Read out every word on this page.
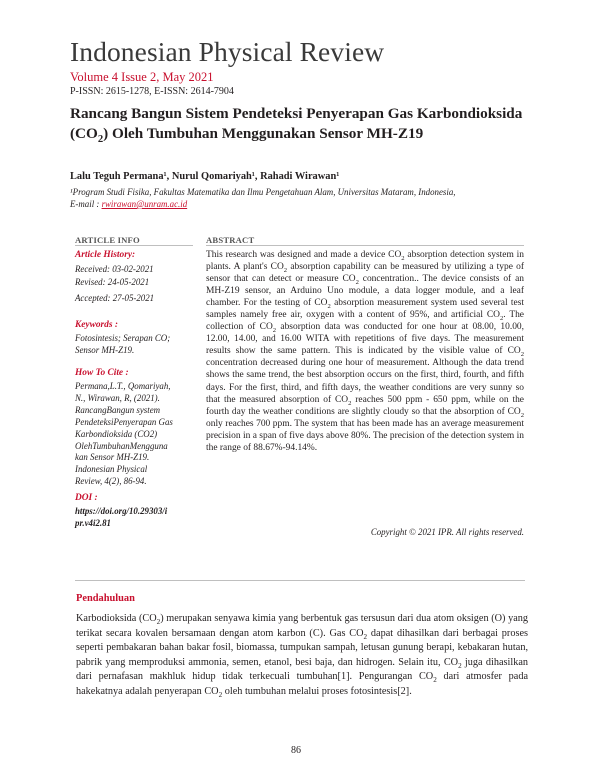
Indonesian Physical Review
Volume 4 Issue 2, May 2021
P-ISSN: 2615-1278, E-ISSN: 2614-7904
Rancang Bangun Sistem Pendeteksi Penyerapan Gas Karbondioksida $(CO_2)$ Oleh Tumbuhan Menggunakan Sensor MH-Z19
Lalu Teguh Permana¹, Nurul Qomariyah¹, Rahadi Wirawan¹
¹Program Studi Fisika, Fakultas Matematika dan Ilmu Pengetahuan Alam, Universitas Mataram, Indonesia,
E-mail : rwirawan@unram.ac.id
ARTICLE INFO
Article History:
Received: 03-02-2021
Revised: 24-05-2021
Accepted: 27-05-2021
Keywords :
Fotosintesis; Serapan CO;
Sensor MH-Z19.
How To Cite :
Permana,L.T., Qomariyah,
N., Wirawan, R, (2021).
RancangBangun system
PendeteksiPenyerapan Gas
Karbondioksida (CO2)
OlehTumbuhanMengguna
kan Sensor MH-Z19.
Indonesian Physical
Review, 4(2), 86-94.
DOI :
https://doi.org/10.29303/i
pr.v4i2.81
ABSTRACT
This research was designed and made a device $CO_2$ absorption detection system in plants. A plant's $CO_2$ absorption capability can be measured by utilizing a type of sensor that can detect or measure $CO_2$ concentration.. The device consists of an MH-Z19 sensor, an Arduino Uno module, a data logger module, and a leaf chamber. For the testing of $CO_2$ absorption measurement system used several test samples namely free air, oxygen with a content of 95%, and artificial $CO_2$. The collection of $CO_2$ absorption data was conducted for one hour at 08.00, 10.00, 12.00, 14.00, and 16.00 WITA with repetitions of five days. The measurement results show the same pattern. This is indicated by the visible value of $CO_2$ concentration decreased during one hour of measurement. Although the data trend shows the same trend, the best absorption occurs on the first, third, fourth, and fifth days. For the first, third, and fifth days, the weather conditions are very sunny so that the measured absorption of $CO_2$ reaches 500 ppm - 650 ppm, while on the fourth day the weather conditions are slightly cloudy so that the absorption of $CO_2$ only reaches 700 ppm. The system that has been made has an average measurement precision in a span of five days above 80%. The precision of the detection system in the range of 88.67%-94.14%.
Copyright © 2021 IPR. All rights reserved.
Pendahuluan
Karbodioksida $(CO_2)$ merupakan senyawa kimia yang berbentuk gas tersusun dari dua atom oksigen (O) yang terikat secara kovalen bersamaan dengan atom karbon (C). Gas $CO_2$ dapat dihasilkan dari berbagai proses seperti pembakaran bahan bakar fosil, biomassa, tumpukan sampah, letusan gunung berapi, kebakaran hutan, pabrik yang memproduksi ammonia, semen, etanol, besi baja, dan hidrogen. Selain itu, $CO_2$ juga dihasilkan dari pernafasan makhluk hidup tidak terkecuali tumbuhan[1]. Pengurangan $CO_2$ dari atmosfer pada hakekatnya adalah penyerapan $CO_2$ oleh tumbuhan melalui proses fotosintesis[2].
86
